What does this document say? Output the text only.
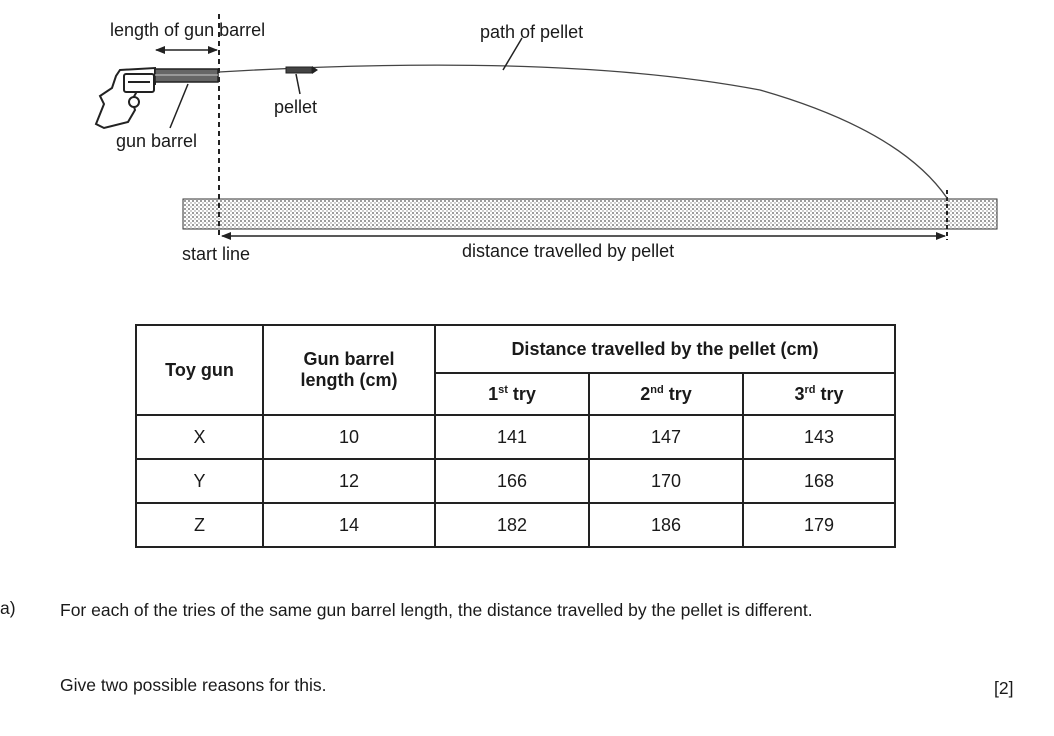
length of gun barrel	path of pellet
pellet
gun barrel
start line	distance travelled by pellet
Toy gun	Gun barrel
length (cm)	Distance travelled by the pellet (cm)		
		1st try	2nd try	3rd try
X	10	141	147	143
Y	12	166	170	168
Z	14	182	186	179
a)	For each of the tries of the same gun barrel length, the distance travelled by the pellet is different.
Give two possible reasons for this.	[2]
